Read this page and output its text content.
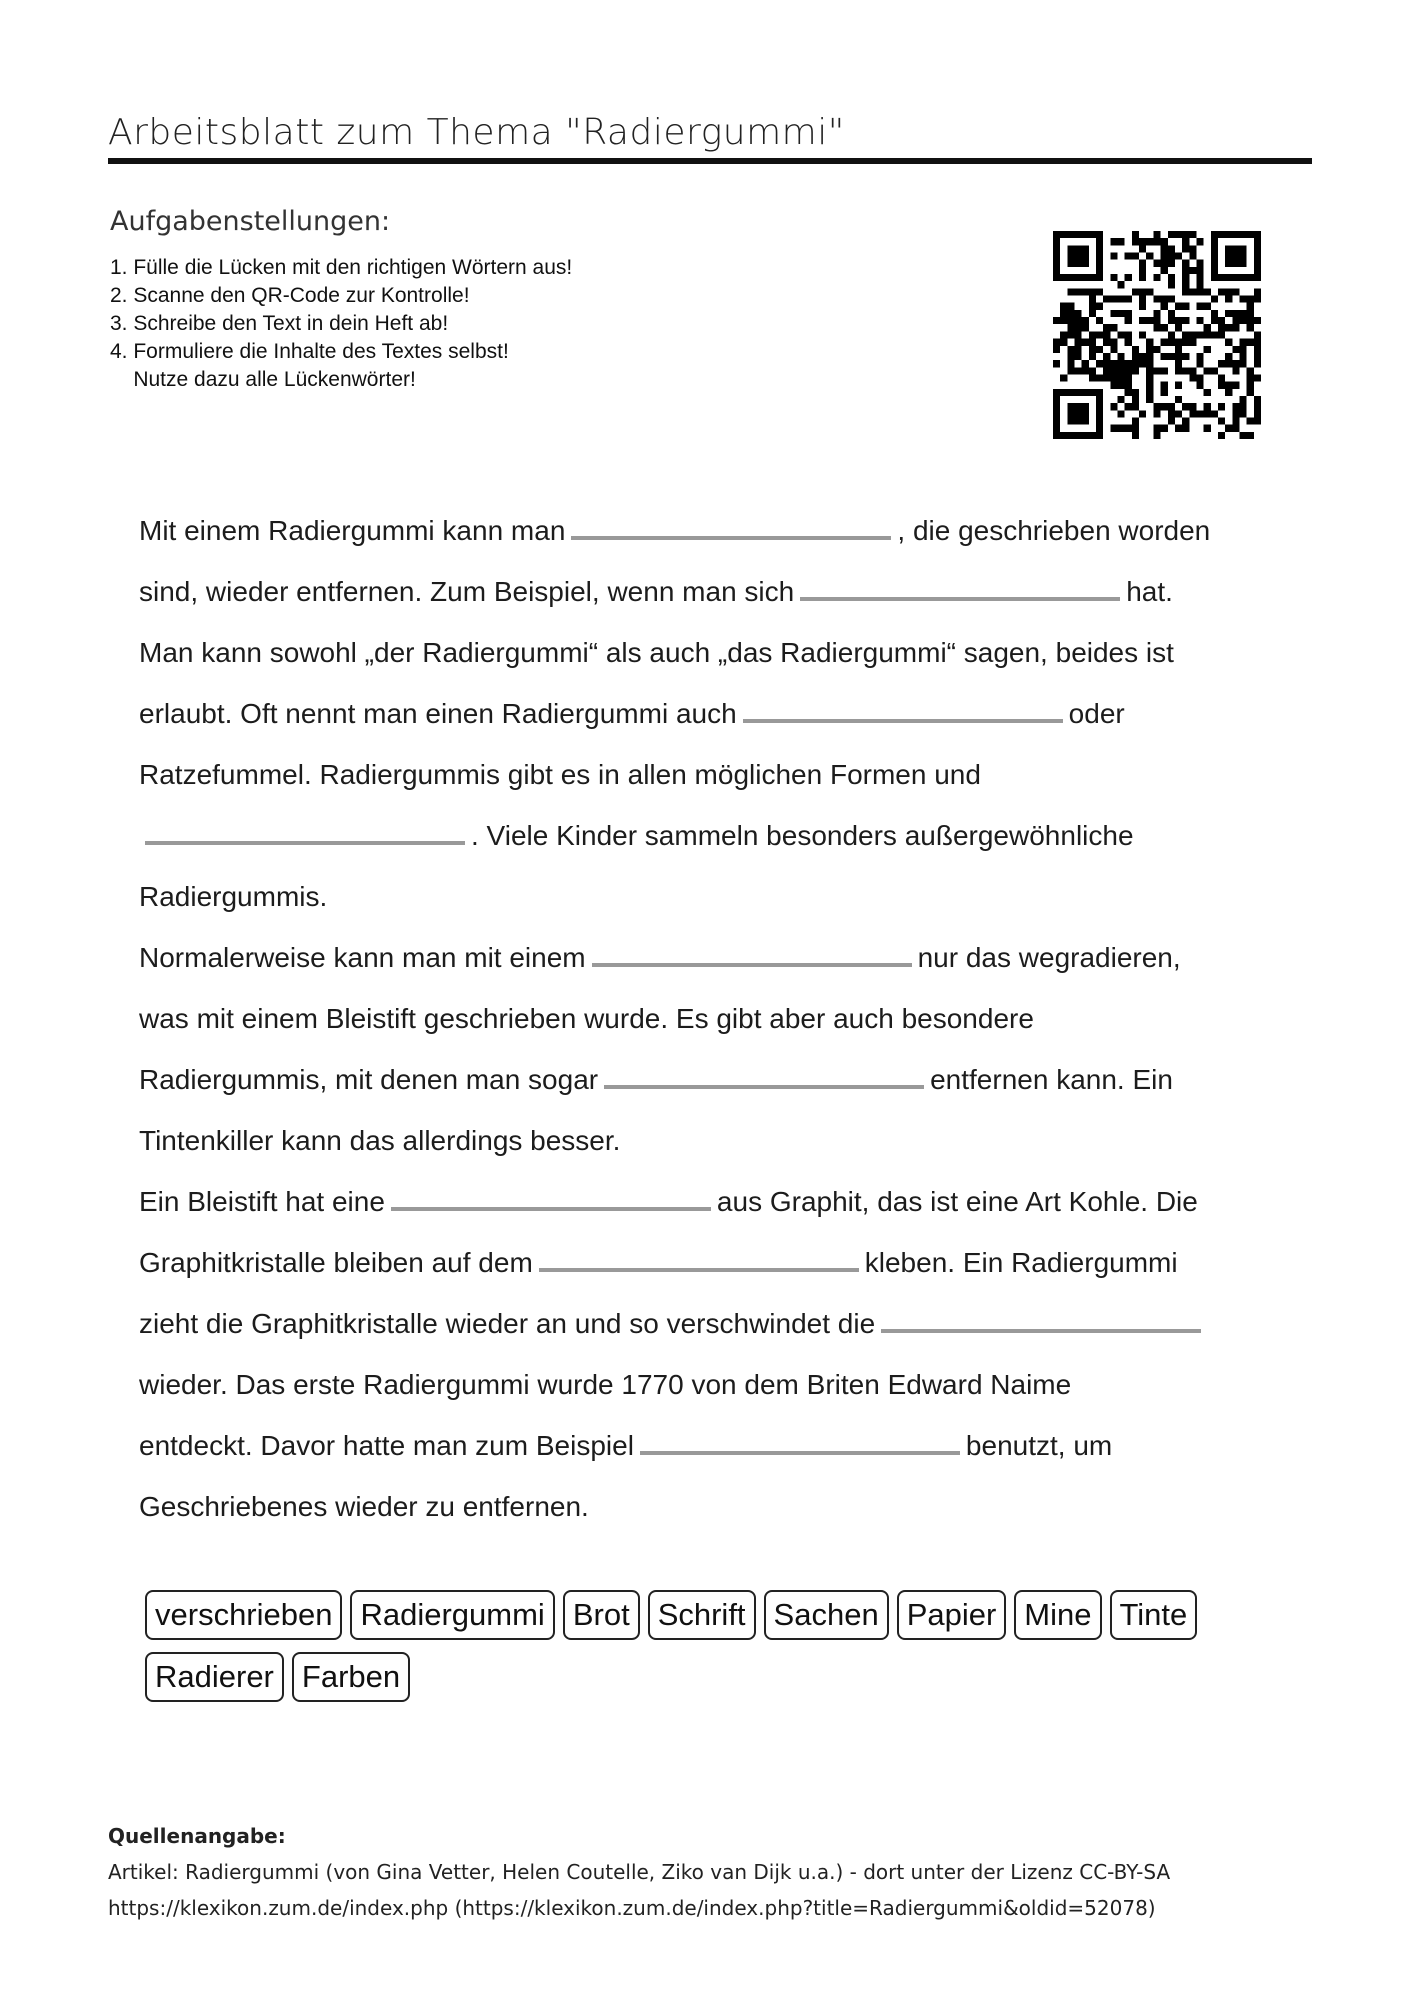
Arbeitsblatt zum Thema "Radiergummi"
Aufgabenstellungen:
1. Fülle die Lücken mit den richtigen Wörtern aus!
2. Scanne den QR-Code zur Kontrolle!
3. Schreibe den Text in dein Heft ab!
4. Formuliere die Inhalte des Textes selbst!
Nutze dazu alle Lückenwörter!
Mit einem Radiergummi kann man	, die geschrieben worden
sind, wieder entfernen. Zum Beispiel, wenn man sich	hat.
Man kann sowohl „der Radiergummi“ als auch „das Radiergummi“ sagen, beides ist
erlaubt. Oft nennt man einen Radiergummi auch	oder
Ratzefummel. Radiergummis gibt es in allen möglichen Formen und
. Viele Kinder sammeln besonders außergewöhnliche
Radiergummis.
Normalerweise kann man mit einem	nur das wegradieren,
was mit einem Bleistift geschrieben wurde. Es gibt aber auch besondere
Radiergummis, mit denen man sogar	entfernen kann. Ein
Tintenkiller kann das allerdings besser.
Ein Bleistift hat eine	aus Graphit, das ist eine Art Kohle. Die
Graphitkristalle bleiben auf dem	kleben. Ein Radiergummi
zieht die Graphitkristalle wieder an und so verschwindet die
wieder. Das erste Radiergummi wurde 1770 von dem Briten Edward Naime
entdeckt. Davor hatte man zum Beispiel	benutzt, um
Geschriebenes wieder zu entfernen.
verschrieben Radiergummi Brot Schrift Sachen Papier Mine Tinte
Radierer Farben
Quellenangabe:
Artikel: Radiergummi (von Gina Vetter, Helen Coutelle, Ziko van Dijk u.a.) - dort unter der Lizenz CC-BY-SA
https://klexikon.zum.de/index.php (https://klexikon.zum.de/index.php?title=Radiergummi&oldid=52078)
